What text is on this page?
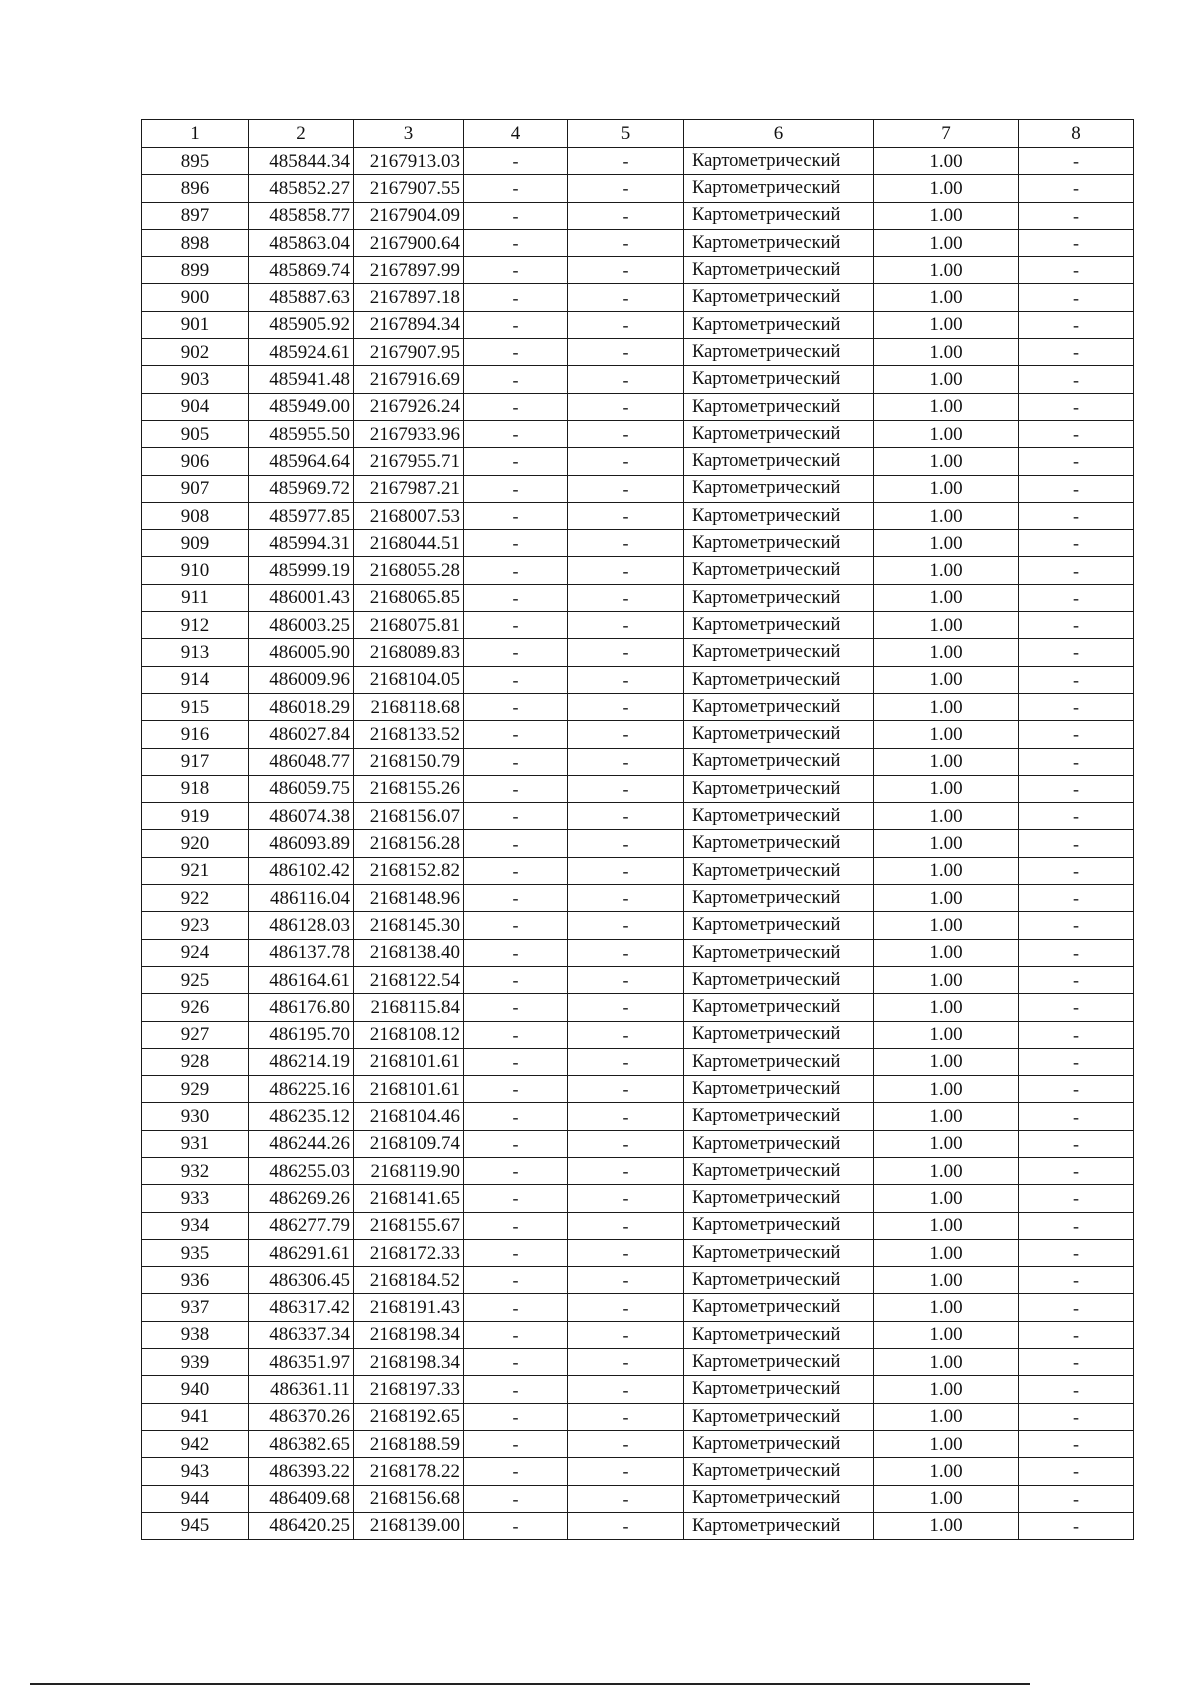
1	2	3	4	5	6	7	8
895	485844.34	2167913.03	-	-	Картометрический	1.00	-
896	485852.27	2167907.55	-	-	Картометрический	1.00	-
897	485858.77	2167904.09	-	-	Картометрический	1.00	-
898	485863.04	2167900.64	-	-	Картометрический	1.00	-
899	485869.74	2167897.99	-	-	Картометрический	1.00	-
900	485887.63	2167897.18	-	-	Картометрический	1.00	-
901	485905.92	2167894.34	-	-	Картометрический	1.00	-
902	485924.61	2167907.95	-	-	Картометрический	1.00	-
903	485941.48	2167916.69	-	-	Картометрический	1.00	-
904	485949.00	2167926.24	-	-	Картометрический	1.00	-
905	485955.50	2167933.96	-	-	Картометрический	1.00	-
906	485964.64	2167955.71	-	-	Картометрический	1.00	-
907	485969.72	2167987.21	-	-	Картометрический	1.00	-
908	485977.85	2168007.53	-	-	Картометрический	1.00	-
909	485994.31	2168044.51	-	-	Картометрический	1.00	-
910	485999.19	2168055.28	-	-	Картометрический	1.00	-
911	486001.43	2168065.85	-	-	Картометрический	1.00	-
912	486003.25	2168075.81	-	-	Картометрический	1.00	-
913	486005.90	2168089.83	-	-	Картометрический	1.00	-
914	486009.96	2168104.05	-	-	Картометрический	1.00	-
915	486018.29	2168118.68	-	-	Картометрический	1.00	-
916	486027.84	2168133.52	-	-	Картометрический	1.00	-
917	486048.77	2168150.79	-	-	Картометрический	1.00	-
918	486059.75	2168155.26	-	-	Картометрический	1.00	-
919	486074.38	2168156.07	-	-	Картометрический	1.00	-
920	486093.89	2168156.28	-	-	Картометрический	1.00	-
921	486102.42	2168152.82	-	-	Картометрический	1.00	-
922	486116.04	2168148.96	-	-	Картометрический	1.00	-
923	486128.03	2168145.30	-	-	Картометрический	1.00	-
924	486137.78	2168138.40	-	-	Картометрический	1.00	-
925	486164.61	2168122.54	-	-	Картометрический	1.00	-
926	486176.80	2168115.84	-	-	Картометрический	1.00	-
927	486195.70	2168108.12	-	-	Картометрический	1.00	-
928	486214.19	2168101.61	-	-	Картометрический	1.00	-
929	486225.16	2168101.61	-	-	Картометрический	1.00	-
930	486235.12	2168104.46	-	-	Картометрический	1.00	-
931	486244.26	2168109.74	-	-	Картометрический	1.00	-
932	486255.03	2168119.90	-	-	Картометрический	1.00	-
933	486269.26	2168141.65	-	-	Картометрический	1.00	-
934	486277.79	2168155.67	-	-	Картометрический	1.00	-
935	486291.61	2168172.33	-	-	Картометрический	1.00	-
936	486306.45	2168184.52	-	-	Картометрический	1.00	-
937	486317.42	2168191.43	-	-	Картометрический	1.00	-
938	486337.34	2168198.34	-	-	Картометрический	1.00	-
939	486351.97	2168198.34	-	-	Картометрический	1.00	-
940	486361.11	2168197.33	-	-	Картометрический	1.00	-
941	486370.26	2168192.65	-	-	Картометрический	1.00	-
942	486382.65	2168188.59	-	-	Картометрический	1.00	-
943	486393.22	2168178.22	-	-	Картометрический	1.00	-
944	486409.68	2168156.68	-	-	Картометрический	1.00	-
945	486420.25	2168139.00	-	-	Картометрический	1.00	-
